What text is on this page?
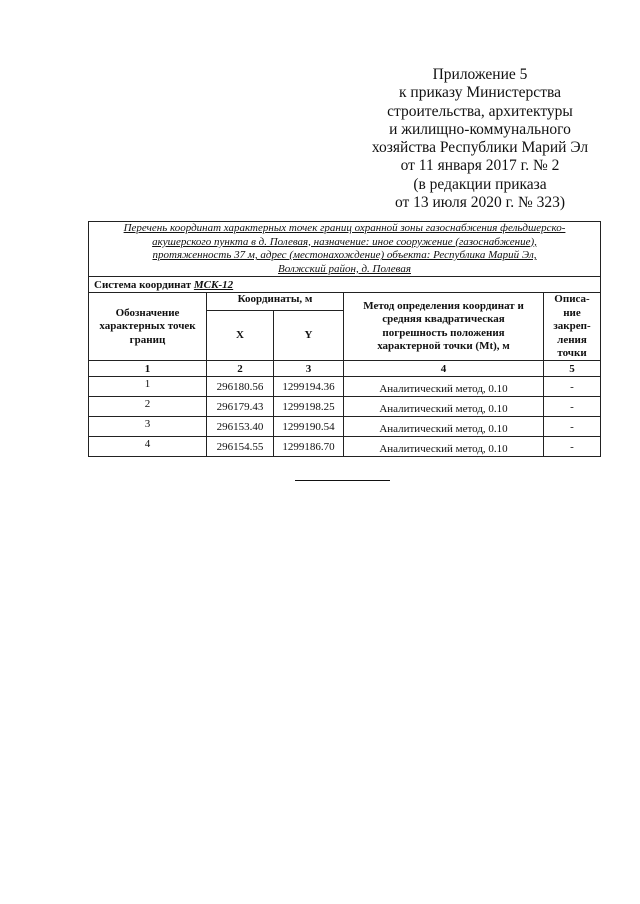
Приложение 5
к приказу Министерства
строительства, архитектуры
и жилищно-коммунального
хозяйства Республики Марий Эл
от 11 января 2017 г. № 2
(в редакции приказа
от 13 июля 2020 г. № 323)
Перечень координат характерных точек границ охранной зоны газоснабжения фельдшерско-
акушерского пункта в д. Полевая, назначение: иное сооружение (газоснабжение),
протяженность 37 м, адрес (местонахождение) объекта: Республика Марий Эл,
Волжский район, д. Полевая				

Система координат МСК-12				
Обозначение характерных точек границ	Координаты, м		Метод определения координат и средняя квадратическая погрешность положения характерной точки (Mt), м	Описа-
ние
закреп-
ления
точки

	X	Y		
1	2	3	4	5
1	296180.56	1299194.36	Аналитический метод, 0.10	-
2	296179.43	1299198.25	Аналитический метод, 0.10	-
3	296153.40	1299190.54	Аналитический метод, 0.10	-
4	296154.55	1299186.70	Аналитический метод, 0.10	-
